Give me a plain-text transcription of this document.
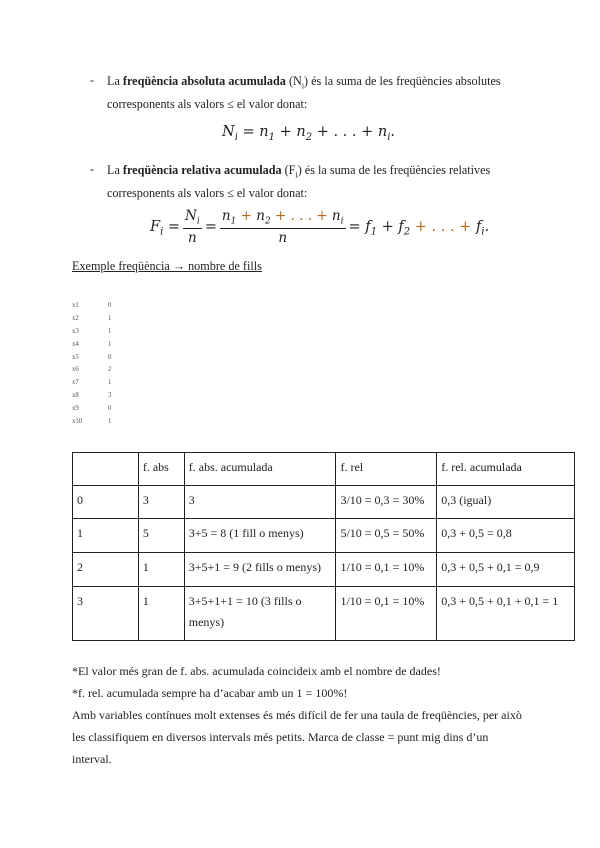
- La freqüència absoluta acumulada $(N_i)$ és la suma de les freqüències absolutes
corresponents als valors ≤ el valor donat:
$N_i = n_1 + n_2$ + . . . + $n_i$.
- La freqüència relativa acumulada $(F_i)$ és la suma de les freqüències relatives
corresponents als valors ≤ el valor donat:
$F_i = \frac{N_i}{n} = \frac{n_1 + n_2 + . . . + n_i}{n} = f_1 + f_2$ + . . . + $f_i$.
Exemple freqüència → nombre de fills
x1	0
x2	1
x3	1
x4	1
x5	0
x6	2
x7	1
x8	3
x9	0
x10	1
	f. abs	f. abs. acumulada	f. rel	f. rel. acumulada
0	3	3	3/10 = 0,3 = 30%	0,3 (igual)
1	5	3+5 = 8 (1 fill o menys)	5/10 = 0,5 = 50%	0,3 + 0,5 = 0,8
2	1	3+5+1 = 9 (2 fills o menys)	1/10 = 0,1 = 10%	0,3 + 0,5 + 0,1 = 0,9
3	1	3+5+1+1 = 10 (3 fills o menys)	1/10 = 0,1 = 10%	0,3 + 0,5 + 0,1 + 0,1 = 1
*El valor més gran de f. abs. acumulada coincideix amb el nombre de dades!
*f. rel. acumulada sempre ha d’acabar amb un 1 = 100%!
Amb variables contínues molt extenses és més difícil de fer una taula de freqüències, per això
les classifiquem en diversos intervals més petits. Marca de classe = punt mig dins d’un
interval.
